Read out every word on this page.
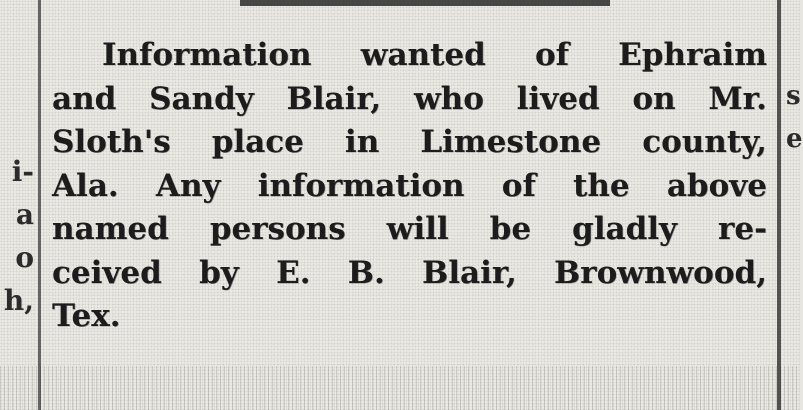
i-
a
o
h,
s
e
Information wanted of Ephraim
and Sandy Blair, who lived on Mr.
Sloth's place in Limestone county,
Ala. Any information of the above
named persons will be gladly re-
ceived by E. B. Blair, Brownwood,
Tex.
